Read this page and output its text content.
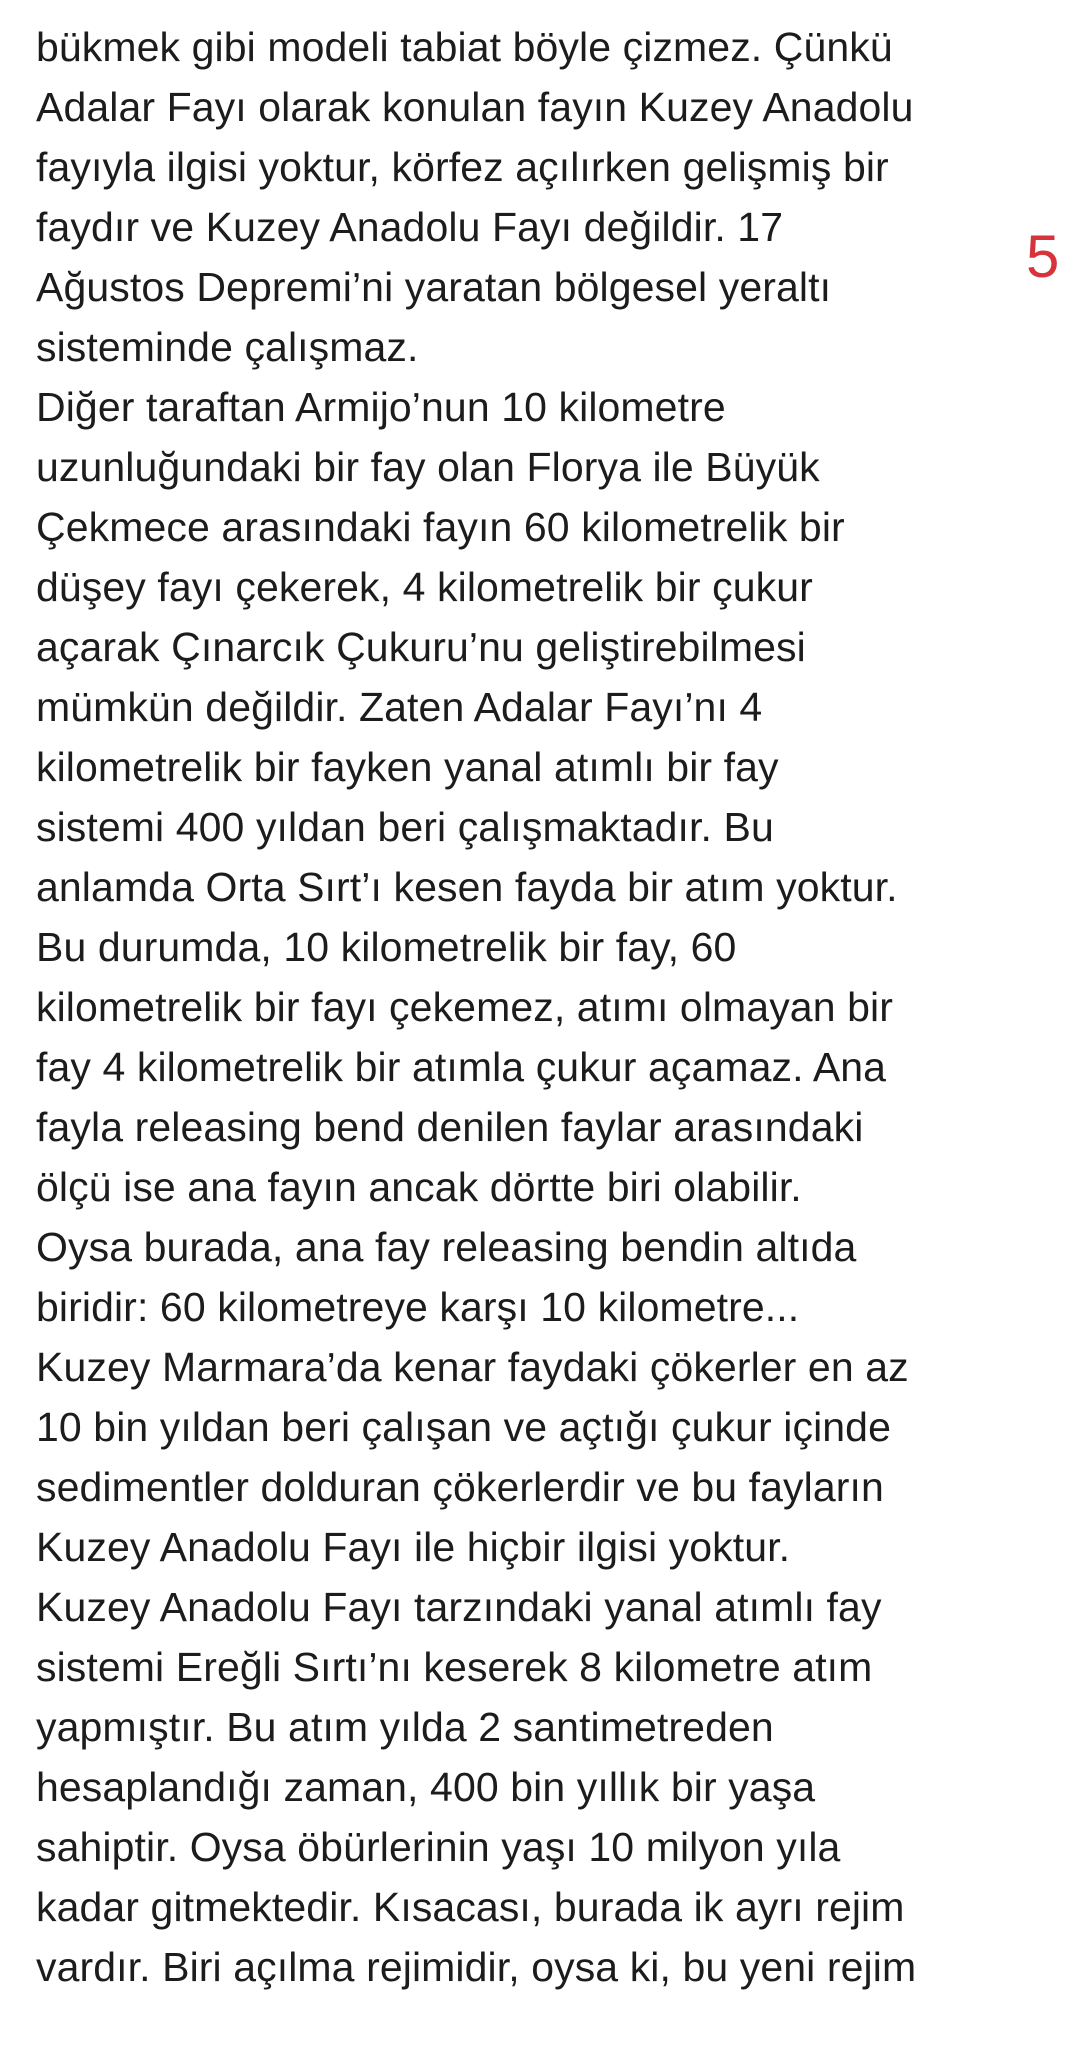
bükmek gibi modeli tabiat böyle çizmez. Çünkü
Adalar Fayı olarak konulan fayın Kuzey Anadolu
fayıyla ilgisi yoktur, körfez açılırken gelişmiş bir
faydır ve Kuzey Anadolu Fayı değildir. 17
Ağustos Depremi’ni yaratan bölgesel yeraltı
sisteminde çalışmaz.
Diğer taraftan Armijo’nun 10 kilometre
uzunluğundaki bir fay olan Florya ile Büyük
Çekmece arasındaki fayın 60 kilometrelik bir
düşey fayı çekerek, 4 kilometrelik bir çukur
açarak Çınarcık Çukuru’nu geliştirebilmesi
mümkün değildir. Zaten Adalar Fayı’nı 4
kilometrelik bir fayken yanal atımlı bir fay
sistemi 400 yıldan beri çalışmaktadır. Bu
anlamda Orta Sırt’ı kesen fayda bir atım yoktur.
Bu durumda, 10 kilometrelik bir fay, 60
kilometrelik bir fayı çekemez, atımı olmayan bir
fay 4 kilometrelik bir atımla çukur açamaz. Ana
fayla releasing bend denilen faylar arasındaki
ölçü ise ana fayın ancak dörtte biri olabilir.
Oysa burada, ana fay releasing bendin altıda
biridir: 60 kilometreye karşı 10 kilometre...
Kuzey Marmara’da kenar faydaki çökerler en az
10 bin yıldan beri çalışan ve açtığı çukur içinde
sedimentler dolduran çökerlerdir ve bu fayların
Kuzey Anadolu Fayı ile hiçbir ilgisi yoktur.
Kuzey Anadolu Fayı tarzındaki yanal atımlı fay
sistemi Ereğli Sırtı’nı keserek 8 kilometre atım
yapmıştır. Bu atım yılda 2 santimetreden
hesaplandığı zaman, 400 bin yıllık bir yaşa
sahiptir. Oysa öbürlerinin yaşı 10 milyon yıla
kadar gitmektedir. Kısacası, burada ik ayrı rejim
vardır. Biri açılma rejimidir, oysa ki, bu yeni rejim
5
